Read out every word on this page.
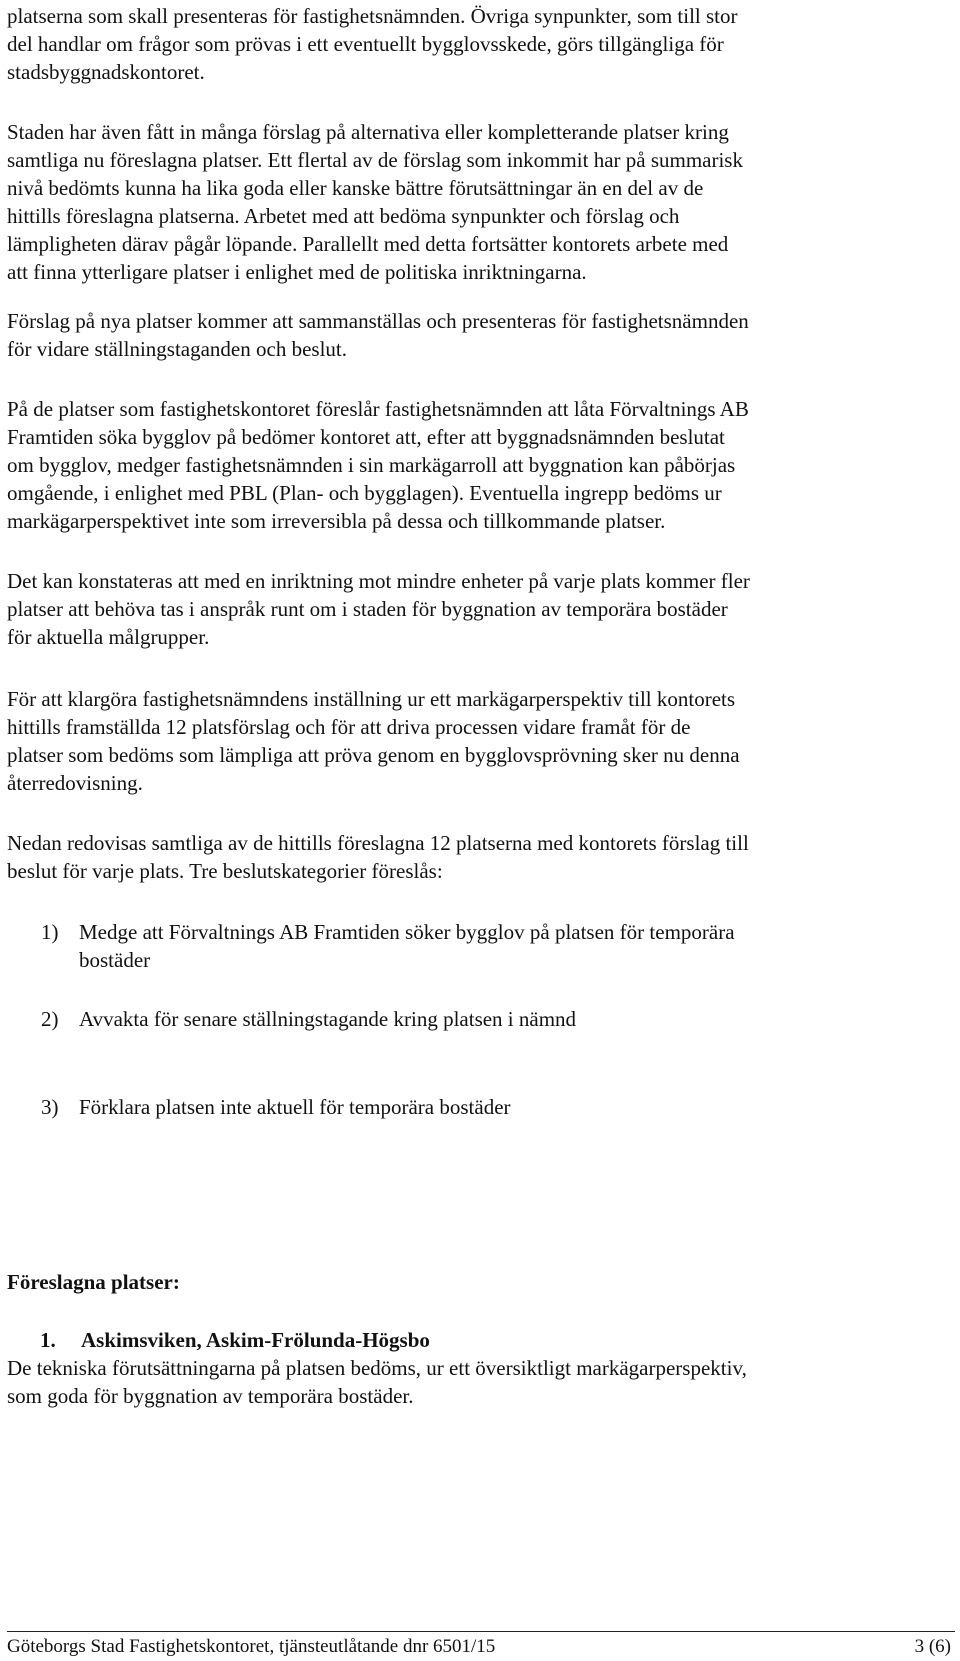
platserna som skall presenteras för fastighetsnämnden. Övriga synpunkter, som till stor
del handlar om frågor som prövas i ett eventuellt bygglovsskede, görs tillgängliga för
stadsbyggnadskontoret.

Staden har även fått in många förslag på alternativa eller kompletterande platser kring
samtliga nu föreslagna platser. Ett flertal av de förslag som inkommit har på summarisk
nivå bedömts kunna ha lika goda eller kanske bättre förutsättningar än en del av de
hittills föreslagna platserna. Arbetet med att bedöma synpunkter och förslag och
lämpligheten därav pågår löpande. Parallellt med detta fortsätter kontorets arbete med
att finna ytterligare platser i enlighet med de politiska inriktningarna.

Förslag på nya platser kommer att sammanställas och presenteras för fastighetsnämnden
för vidare ställningstaganden och beslut.

På de platser som fastighetskontoret föreslår fastighetsnämnden att låta Förvaltnings AB
Framtiden söka bygglov på bedömer kontoret att, efter att byggnadsnämnden beslutat
om bygglov, medger fastighetsnämnden i sin markägarroll att byggnation kan påbörjas
omgående, i enlighet med PBL (Plan- och bygglagen). Eventuella ingrepp bedöms ur
markägarperspektivet inte som irreversibla på dessa och tillkommande platser.

Det kan konstateras att med en inriktning mot mindre enheter på varje plats kommer fler
platser att behöva tas i anspråk runt om i staden för byggnation av temporära bostäder
för aktuella målgrupper.

För att klargöra fastighetsnämndens inställning ur ett markägarperspektiv till kontorets
hittills framställda 12 platsförslag och för att driva processen vidare framåt för de
platser som bedöms som lämpliga att pröva genom en bygglovsprövning sker nu denna
återredovisning.

Nedan redovisas samtliga av de hittills föreslagna 12 platserna med kontorets förslag till
beslut för varje plats. Tre beslutskategorier föreslås:

1) Medge att Förvaltnings AB Framtiden söker bygglov på platsen för temporära
bostäder
2) Avvakta för senare ställningstagande kring platsen i nämnd
3) Förklara platsen inte aktuell för temporära bostäder
Föreslagna platser:
1. Askimsviken, Askim-Frölunda-Högsbo

De tekniska förutsättningarna på platsen bedöms, ur ett översiktligt markägarperspektiv,
som goda för byggnation av temporära bostäder.

Göteborgs Stad Fastighetskontoret, tjänsteutlåtande dnr 6501/15	3 (6)
